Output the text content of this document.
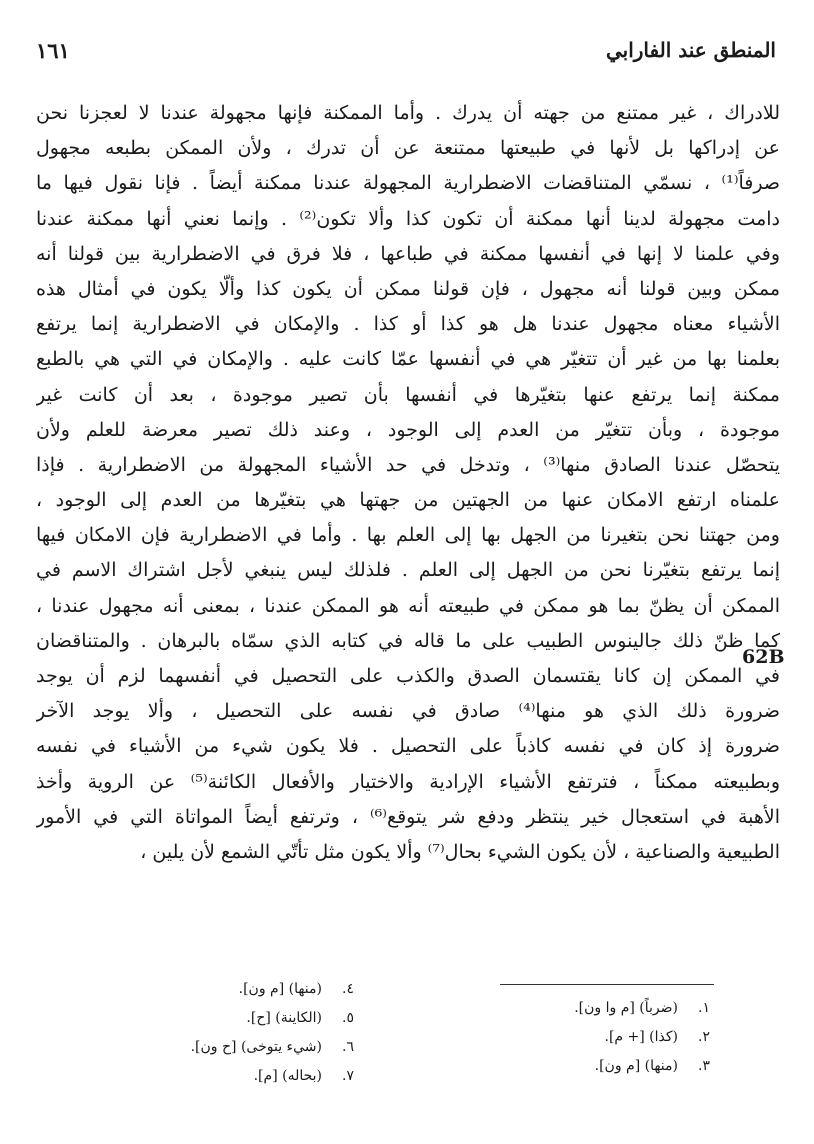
المنطق عند الفارابي
١٦١
للادراك ، غير ممتنع من جهته أن يدرك . وأما الممكنة فإنها مجهولة عندنا لا لعجزنا نحن
عن إدراكها بل لأنها في طبيعتها ممتنعة عن أن تدرك ، ولأن الممكن بطبعه مجهول
صرفاً⁽¹⁾ ، نسمّي المتناقضات الاضطرارية المجهولة عندنا ممكنة أيضاً . فإنا نقول فيها ما
دامت مجهولة لدينا أنها ممكنة أن تكون كذا وألا تكون⁽²⁾ . وإنما نعني أنها ممكنة عندنا
وفي علمنا لا إنها في أنفسها ممكنة في طباعها ، فلا فرق في الاضطرارية بين قولنا أنه
ممكن وبين قولنا أنه مجهول ، فإن قولنا ممكن أن يكون كذا وألّا يكون في أمثال هذه
الأشياء معناه مجهول عندنا هل هو كذا أو كذا . والإمكان في الاضطرارية إنما يرتفع
بعلمنا بها من غير أن تتغيّر هي في أنفسها عمّا كانت عليه . والإمكان في التي هي بالطبع
ممكنة إنما يرتفع عنها بتغيّرها في أنفسها بأن تصير موجودة ، بعد أن كانت غير
موجودة ، وبأن تتغيّر من العدم إلى الوجود ، وعند ذلك تصير معرضة للعلم ولأن
يتحصّل عندنا الصادق منها⁽³⁾ ، وتدخل في حد الأشياء المجهولة من الاضطرارية . فإذا
علمناه ارتفع الامكان عنها من الجهتين من جهتها هي بتغيّرها من العدم إلى الوجود ،
ومن جهتنا نحن بتغيرنا من الجهل بها إلى العلم بها . وأما في الاضطرارية فإن الامكان فيها
إنما يرتفع بتغيّرنا نحن من الجهل إلى العلم . فلذلك ليس ينبغي لأجل اشتراك الاسم في
الممكن أن يظنّ بما هو ممكن في طبيعته أنه هو الممكن عندنا ، بمعنى أنه مجهول عندنا ،
كما ظنّ ذلك جالينوس الطبيب على ما قاله في كتابه الذي سمّاه بالبرهان . والمتناقضان
في الممكن إن كانا يقتسمان الصدق والكذب على التحصيل في أنفسهما لزم أن يوجد
ضرورة ذلك الذي هو منها⁽⁴⁾ صادق في نفسه على التحصيل ، وألا يوجد الآخر
ضرورة إذ كان في نفسه كاذباً على التحصيل . فلا يكون شيء من الأشياء في نفسه
وبطبيعته ممكناً ، فترتفع الأشياء الإرادية والاختيار والأفعال الكائنة⁽⁵⁾ عن الروية وأخذ
الأهبة في استعجال خير ينتظر ودفع شر يتوقع⁽⁶⁾ ، وترتفع أيضاً المواتاة التي في الأمور
الطبيعية والصناعية ، لأن يكون الشيء بحال⁽⁷⁾ وألا يكون مثل تأتّي الشمع لأن يلين ،
62B
١.
(ضرباً) [م وا ون].
٢.
(كذا) [+ م].
٣.
(منها) [م ون].
٤.
(منها) [م ون].
٥.
(الكاينة) [ح].
٦.
(شيء يتوخى) [ح ون].
٧.
(بحاله) [م].
